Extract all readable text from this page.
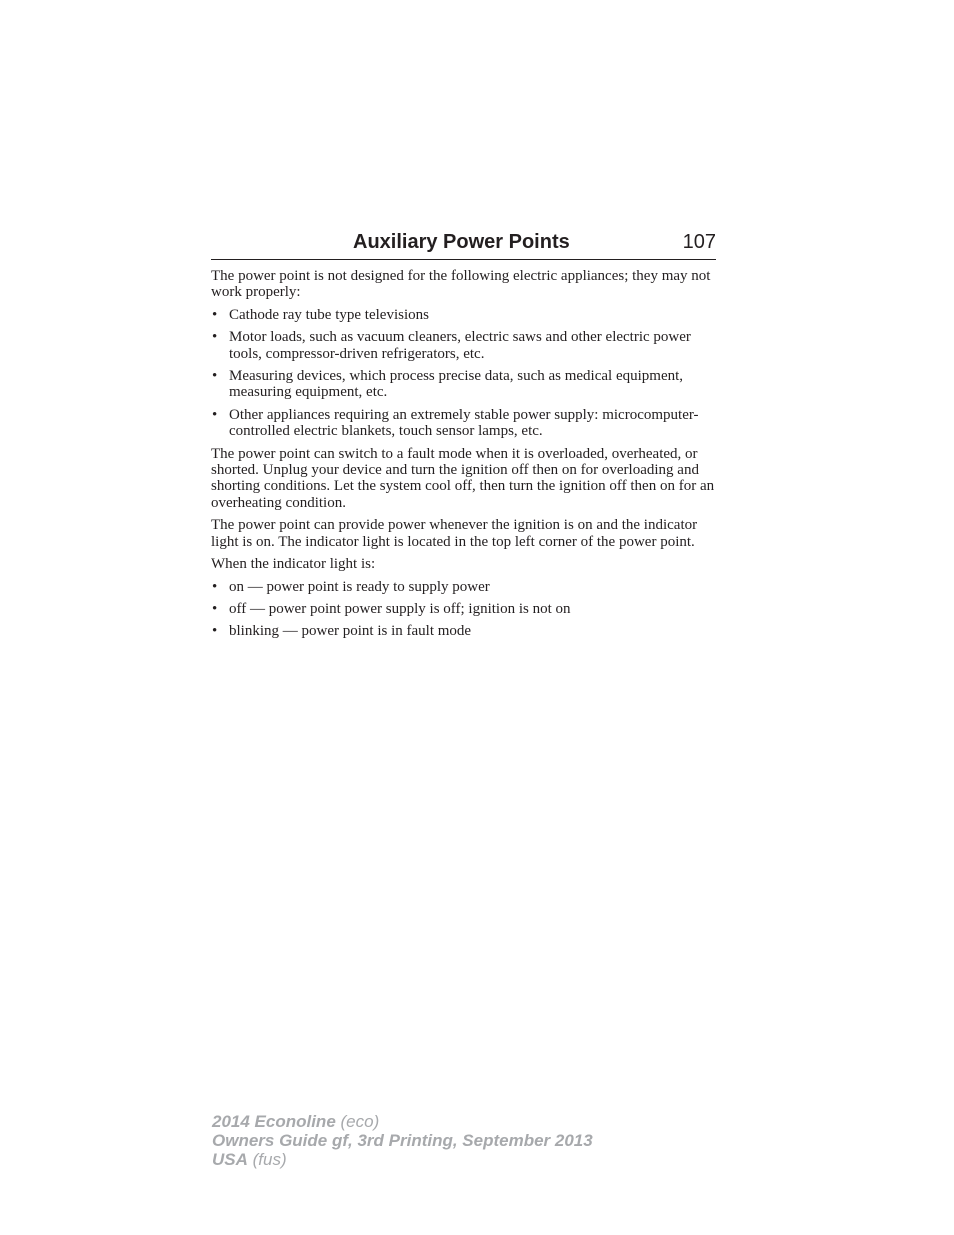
Auxiliary Power Points	107

The power point is not designed for the following electric appliances; they may not work properly:

• Cathode ray tube type televisions
• Motor loads, such as vacuum cleaners, electric saws and other electric power tools, compressor-driven refrigerators, etc.
• Measuring devices, which process precise data, such as medical equipment, measuring equipment, etc.
• Other appliances requiring an extremely stable power supply: microcomputer-controlled electric blankets, touch sensor lamps, etc.

The power point can switch to a fault mode when it is overloaded, overheated, or shorted. Unplug your device and turn the ignition off then on for overloading and shorting conditions. Let the system cool off, then turn the ignition off then on for an overheating condition.

The power point can provide power whenever the ignition is on and the indicator light is on. The indicator light is located in the top left corner of the power point.

When the indicator light is:

• on — power point is ready to supply power
• off — power point power supply is off; ignition is not on
• blinking — power point is in fault mode
2014 Econoline (eco)
Owners Guide gf, 3rd Printing, September 2013
USA (fus)
